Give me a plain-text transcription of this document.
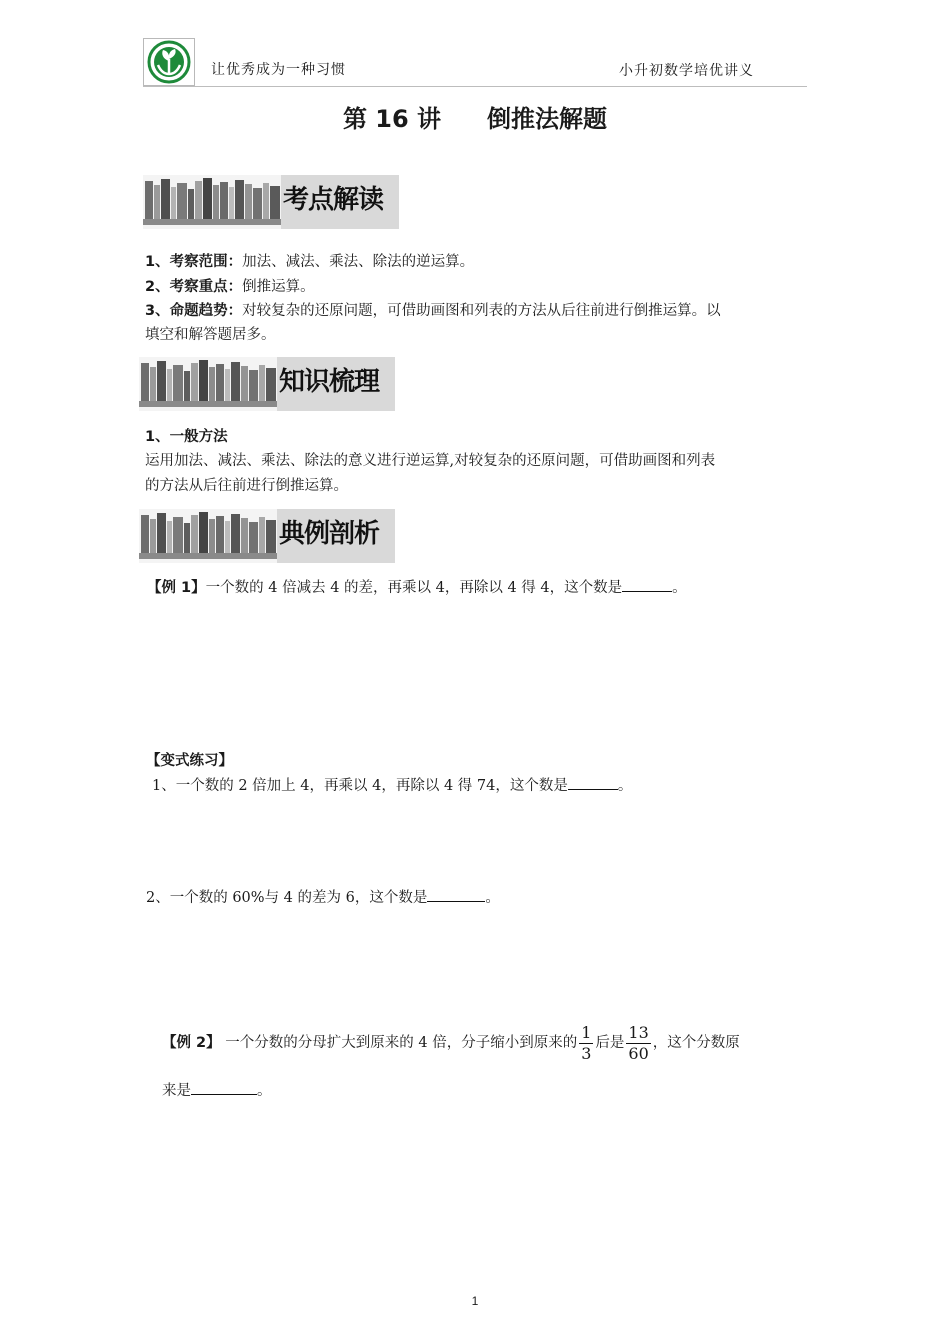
让优秀成为一种习惯	小升初数学培优讲义
第 16 讲 倒推法解题
考点解读
1、考察范围：加法、减法、乘法、除法的逆运算。
2、考察重点：倒推运算。
3、命题趋势：对较复杂的还原问题，可借助画图和列表的方法从后往前进行倒推运算。以
填空和解答题居多。
知识梳理
1、一般方法
运用加法、减法、乘法、除法的意义进行逆运算,对较复杂的还原问题，可借助画图和列表
的方法从后往前进行倒推运算。
典例剖析
【例 1】一个数的 4 倍减去 4 的差，再乘以 4，再除以 4 得 4，这个数是	。
【变式练习】
1、一个数的 2 倍加上 4，再乘以 4，再除以 4 得 74，这个数是	。
2、一个数的 60%与 4 的差为 6，这个数是	。
【例 2】 一个分数的分母扩大到原来的 4 倍，分子缩小到原来的 $\frac{1}{3}$ 后是 $\frac{13}{60}$ ，这个分数原
来是	。
1
